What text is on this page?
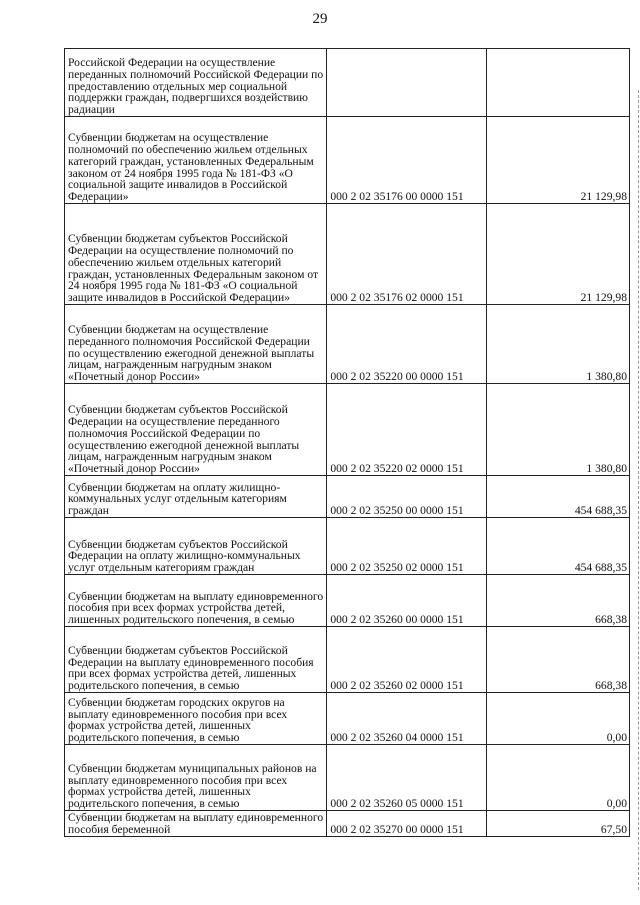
29
Российской Федерации на осуществление переданных полномочий Российской Федерации по предоставлению отдельных мер социальной поддержки граждан, подвергшихся воздействию радиации		
Субвенции бюджетам на осуществление полномочий по обеспечению жильем отдельных категорий граждан, установленных Федеральным законом от 24 ноября 1995 года № 181-ФЗ «О социальной защите инвалидов в Российской Федерации»	000 2 02 35176 00 0000 151	21 129,98
Субвенции бюджетам субъектов Российской Федерации на осуществление полномочий по обеспечению жильем отдельных категорий граждан, установленных Федеральным законом от 24 ноября 1995 года № 181-ФЗ «О социальной защите инвалидов в Российской Федерации»	000 2 02 35176 02 0000 151	21 129,98
Субвенции бюджетам на осуществление переданного полномочия Российской Федерации по осуществлению ежегодной денежной выплаты лицам, награжденным нагрудным знаком «Почетный донор России»	000 2 02 35220 00 0000 151	1 380,80
Субвенции бюджетам субъектов Российской Федерации на осуществление переданного полномочия Российской Федерации по осуществлению ежегодной денежной выплаты лицам, награжденным нагрудным знаком «Почетный донор России»	000 2 02 35220 02 0000 151	1 380,80
Субвенции бюджетам на оплату жилищно-коммунальных услуг отдельным категориям граждан	000 2 02 35250 00 0000 151	454 688,35
Субвенции бюджетам субъектов Российской Федерации на оплату жилищно-коммунальных услуг отдельным категориям граждан	000 2 02 35250 02 0000 151	454 688,35
Субвенции бюджетам на выплату единовременного пособия при всех формах устройства детей, лишенных родительского попечения, в семью	000 2 02 35260 00 0000 151	668,38
Субвенции бюджетам субъектов Российской Федерации на выплату единовременного пособия при всех формах устройства детей, лишенных родительского попечения, в семью	000 2 02 35260 02 0000 151	668,38
Субвенции бюджетам городских округов на выплату единовременного пособия при всех формах устройства детей, лишенных родительского попечения, в семью	000 2 02 35260 04 0000 151	0,00
Субвенции бюджетам муниципальных районов на выплату единовременного пособия при всех формах устройства детей, лишенных родительского попечения, в семью	000 2 02 35260 05 0000 151	0,00
Субвенции бюджетам на выплату единовременного пособия беременной	000 2 02 35270 00 0000 151	67,50
